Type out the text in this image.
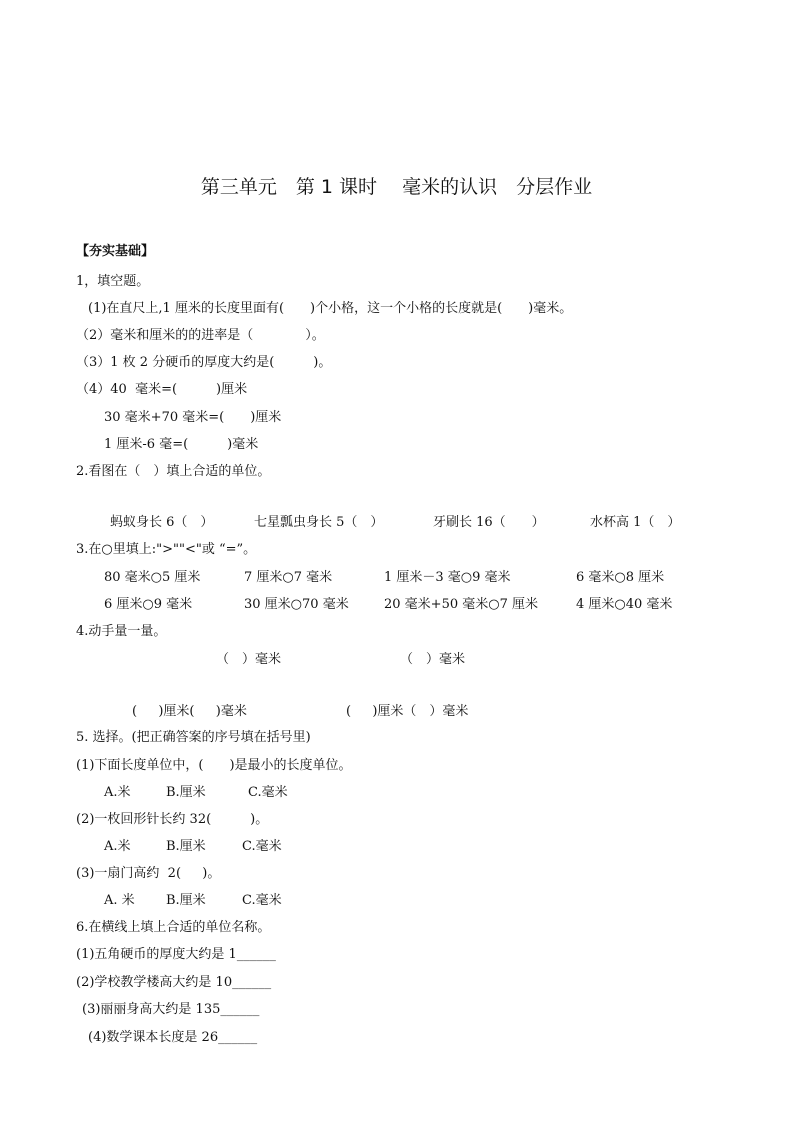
第三单元　第 1 课时　 毫米的认识　分层作业
【夯实基础】
1，填空题。
(1)在直尺上,1 厘米的长度里面有(　　)个小格，这一个小格的长度就是(　　)毫米。
（2）毫米和厘米的的进率是（　　　　）。
（3）1 枚 2 分硬币的厚度大约是(　　　)。
（4）40  毫米=(　　　)厘米
30 毫米+70 毫米=(　　)厘米
1 厘米-6 毫=(　　　)毫米
2.看图在（　）填上合适的单位。
蚂蚁身长 6（　）	七星瓢虫身长 5（　）	牙刷长 16（　　）	水杯高 1（　）
3.在○里填上:">""<"或 “=”。
80 毫米○5 厘米	7 厘米○7 毫米	1 厘米－3 毫○9 毫米	6 毫米○8 厘米
6 厘米○9 毫米	30 厘米○70 毫米	20 毫米+50 毫米○7 厘米	4 厘米○40 毫米
4.动手量一量。
（　）毫米	（　）毫米
(　  )厘米(　  )毫米	(　  )厘米（　）毫米
5. 选择。(把正确答案的序号填在括号里)
(1)下面长度单位中，(　　)是最小的长度单位。
A.米	B.厘米	C.毫米
(2)一枚回形针长约 32(　　　)。
A.米	B.厘米	C.毫米
(3)一扇门高约  2(　  )。
A. 米 B.厘米	C.毫米
6.在横线上填上合适的单位名称。
(1)五角硬币的厚度大约是 1______
(2)学校教学楼高大约是 10______
(3)丽丽身高大约是 135______
(4)数学课本长度是 26______
